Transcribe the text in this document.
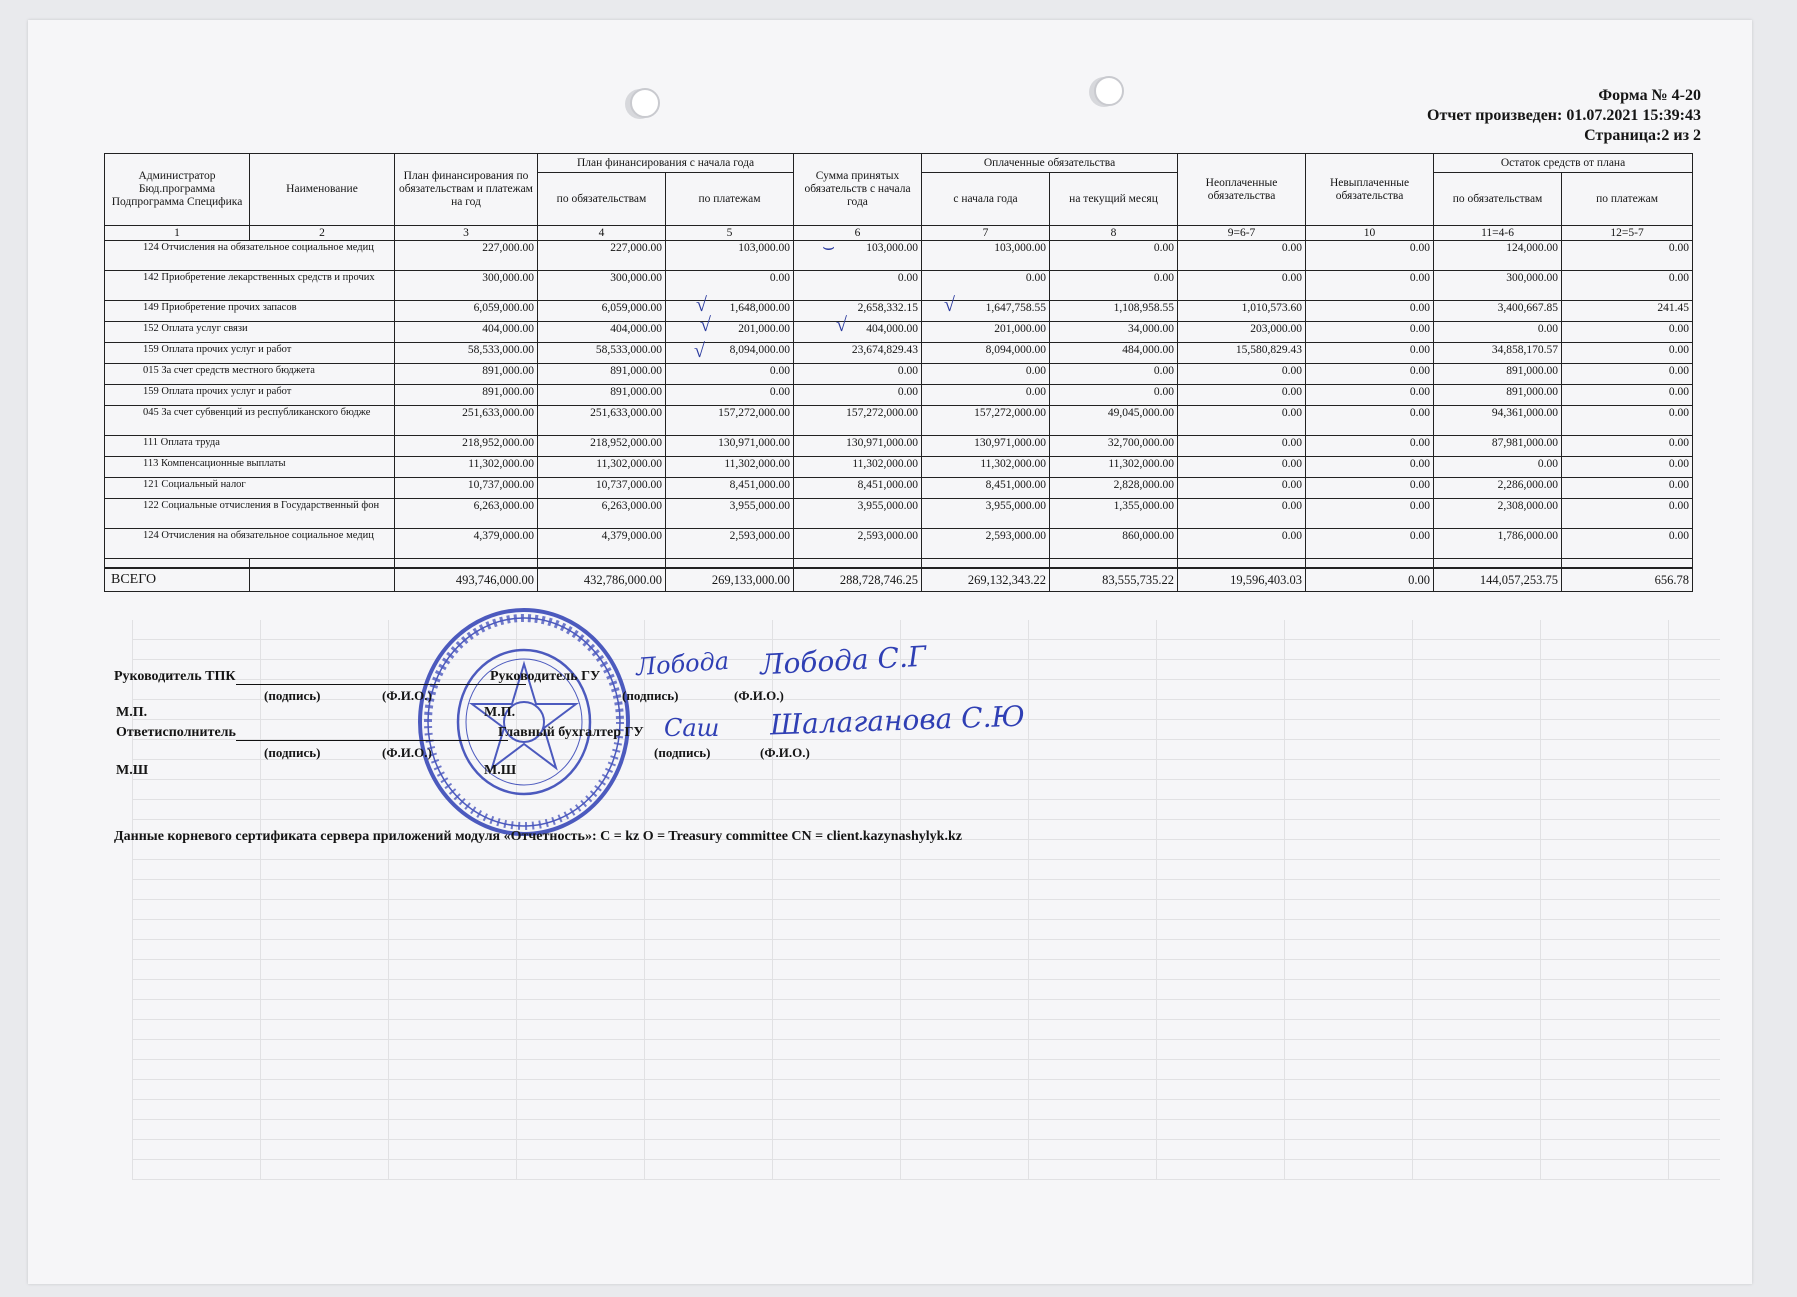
Форма № 4-20
Отчет произведен: 01.07.2021 15:39:43
Страница:2 из 2
Администратор Бюд.программа Подпрограмма Специфика	Наименование	План финансирования по обязательствам и платежам на год	План финансирования с начала года		Сумма принятых обязательств с начала года	Оплаченные обязательства		Неоплаченные обязательства	Невыплаченные обязательства	Остаток средств от плана	
			по обязательствам	по платежам		с начала года	на текущий месяц			по обязательствам	по платежам
1	2	3	4	5	6	7	8	9=6-7	10	11=4-6	12=5-7
124 Отчисления на обязательное социальное медиц		227,000.00	227,000.00	103,000.00	103,000.00	103,000.00	0.00	0.00	0.00	124,000.00	0.00
142 Приобретение лекарственных средств и прочих		300,000.00	300,000.00	0.00	0.00	0.00	0.00	0.00	0.00	300,000.00	0.00
149 Приобретение прочих запасов		6,059,000.00	6,059,000.00	1,648,000.00	2,658,332.15	1,647,758.55	1,108,958.55	1,010,573.60	0.00	3,400,667.85	241.45
152 Оплата услуг связи		404,000.00	404,000.00	201,000.00	404,000.00	201,000.00	34,000.00	203,000.00	0.00	0.00	0.00
159 Оплата прочих услуг и работ		58,533,000.00	58,533,000.00	8,094,000.00	23,674,829.43	8,094,000.00	484,000.00	15,580,829.43	0.00	34,858,170.57	0.00
015 За счет средств местного бюджета		891,000.00	891,000.00	0.00	0.00	0.00	0.00	0.00	0.00	891,000.00	0.00
159 Оплата прочих услуг и работ		891,000.00	891,000.00	0.00	0.00	0.00	0.00	0.00	0.00	891,000.00	0.00
045 За счет субвенций из республиканского бюдже		251,633,000.00	251,633,000.00	157,272,000.00	157,272,000.00	157,272,000.00	49,045,000.00	0.00	0.00	94,361,000.00	0.00
111 Оплата труда		218,952,000.00	218,952,000.00	130,971,000.00	130,971,000.00	130,971,000.00	32,700,000.00	0.00	0.00	87,981,000.00	0.00
113 Компенсационные выплаты		11,302,000.00	11,302,000.00	11,302,000.00	11,302,000.00	11,302,000.00	11,302,000.00	0.00	0.00	0.00	0.00
121 Социальный налог		10,737,000.00	10,737,000.00	8,451,000.00	8,451,000.00	8,451,000.00	2,828,000.00	0.00	0.00	2,286,000.00	0.00
122 Социальные отчисления в Государственный фон		6,263,000.00	6,263,000.00	3,955,000.00	3,955,000.00	3,955,000.00	1,355,000.00	0.00	0.00	2,308,000.00	0.00
124 Отчисления на обязательное социальное медиц		4,379,000.00	4,379,000.00	2,593,000.00	2,593,000.00	2,593,000.00	860,000.00	0.00	0.00	1,786,000.00	0.00

ВСЕГО		493,746,000.00	432,786,000.00	269,133,000.00	288,728,746.25	269,132,343.22	83,555,735.22	19,596,403.03	0.00	144,057,253.75	656.78
Лобода Лобода С.Г
Саш Шалаганова С.Ю
Руководитель ТПК
(подпись)	(Ф.И.О.)
Руководитель ГУ
(подпись)	(Ф.И.О.)
М.П.	М.П.
Ответисполнитель	Главный бухгалтер ГУ
(подпись)	(Ф.И.О.)	(подпись)	(Ф.И.О.)
М.Ш	М.Ш
Данные корневого сертификата сервера приложений модуля «Отчетность»: C = kz O = Treasury committee CN = client.kazynashylyk.kz
⌣
√	√
√	√
√
